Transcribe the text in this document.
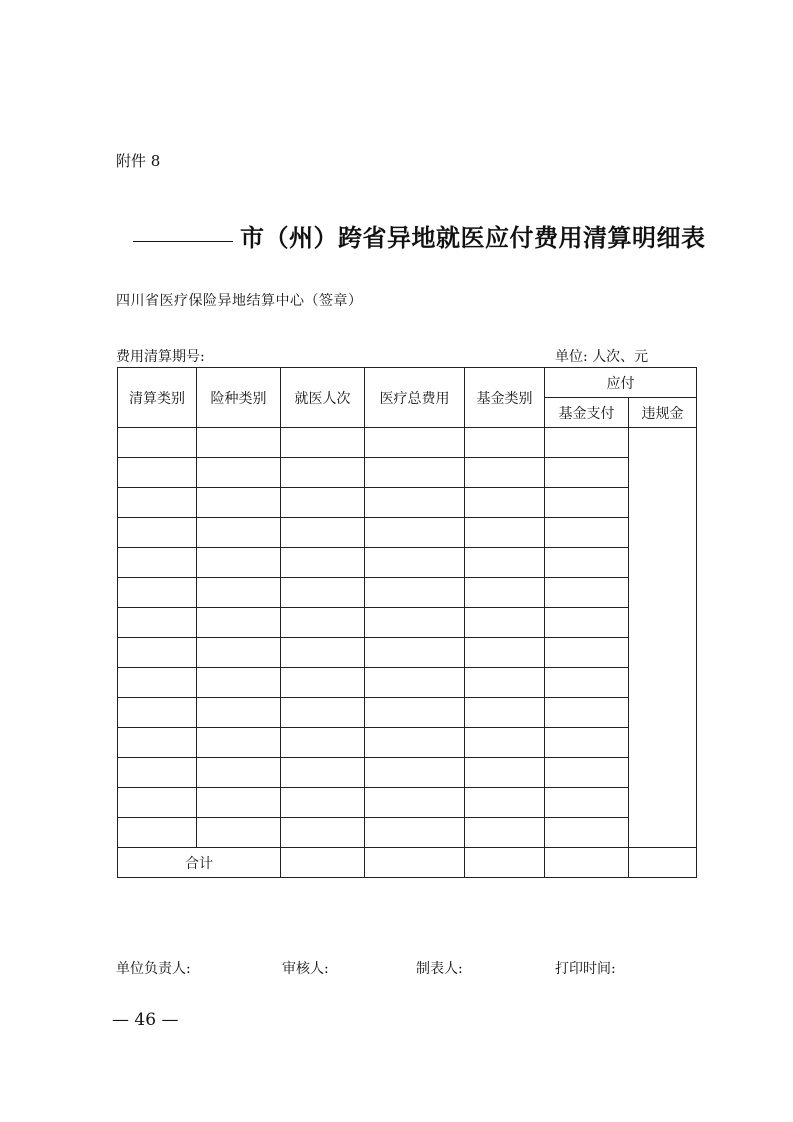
附件 8
市（州）跨省异地就医应付费用清算明细表
四川省医疗保险异地结算中心（签章）
费用清算期号:	单位: 人次、元
清算类别	险种类别	就医人次	医疗总费用	基金类别	应付	
					基金支付	违规金

合计						
单位负责人:	审核人:	制表人:	打印时间:
— 46 —
